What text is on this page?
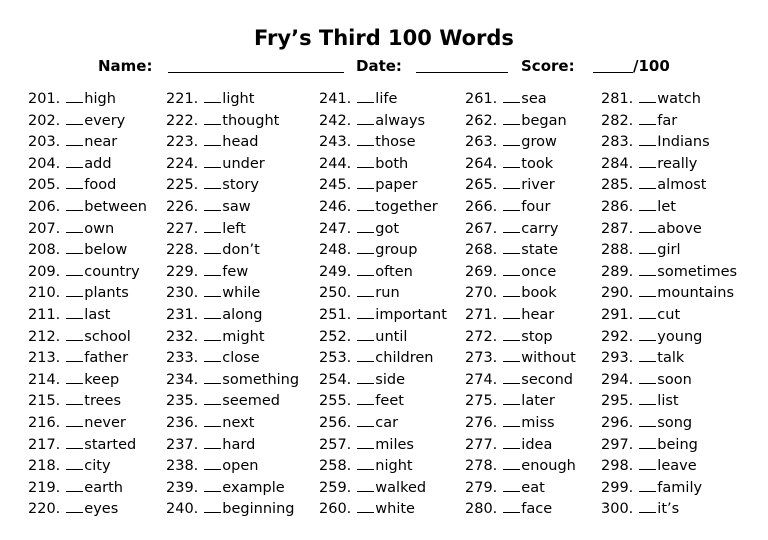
Fry’s Third 100 Words
Name:	Date:	Score:	/100
201. high
202. every
203. near
204. add
205. food
206. between
207. own
208. below
209. country
210. plants
211. last
212. school
213. father
214. keep
215. trees
216. never
217. started
218. city
219. earth
220. eyes
221. light
222. thought
223. head
224. under
225. story
226. saw
227. left
228. don’t
229. few
230. while
231. along
232. might
233. close
234. something
235. seemed
236. next
237. hard
238. open
239. example
240. beginning
241. life
242. always
243. those
244. both
245. paper
246. together
247. got
248. group
249. often
250. run
251. important
252. until
253. children
254. side
255. feet
256. car
257. miles
258. night
259. walked
260. white
261. sea
262. began
263. grow
264. took
265. river
266. four
267. carry
268. state
269. once
270. book
271. hear
272. stop
273. without
274. second
275. later
276. miss
277. idea
278. enough
279. eat
280. face
281. watch
282. far
283. Indians
284. really
285. almost
286. let
287. above
288. girl
289. sometimes
290. mountains
291. cut
292. young
293. talk
294. soon
295. list
296. song
297. being
298. leave
299. family
300. it’s
